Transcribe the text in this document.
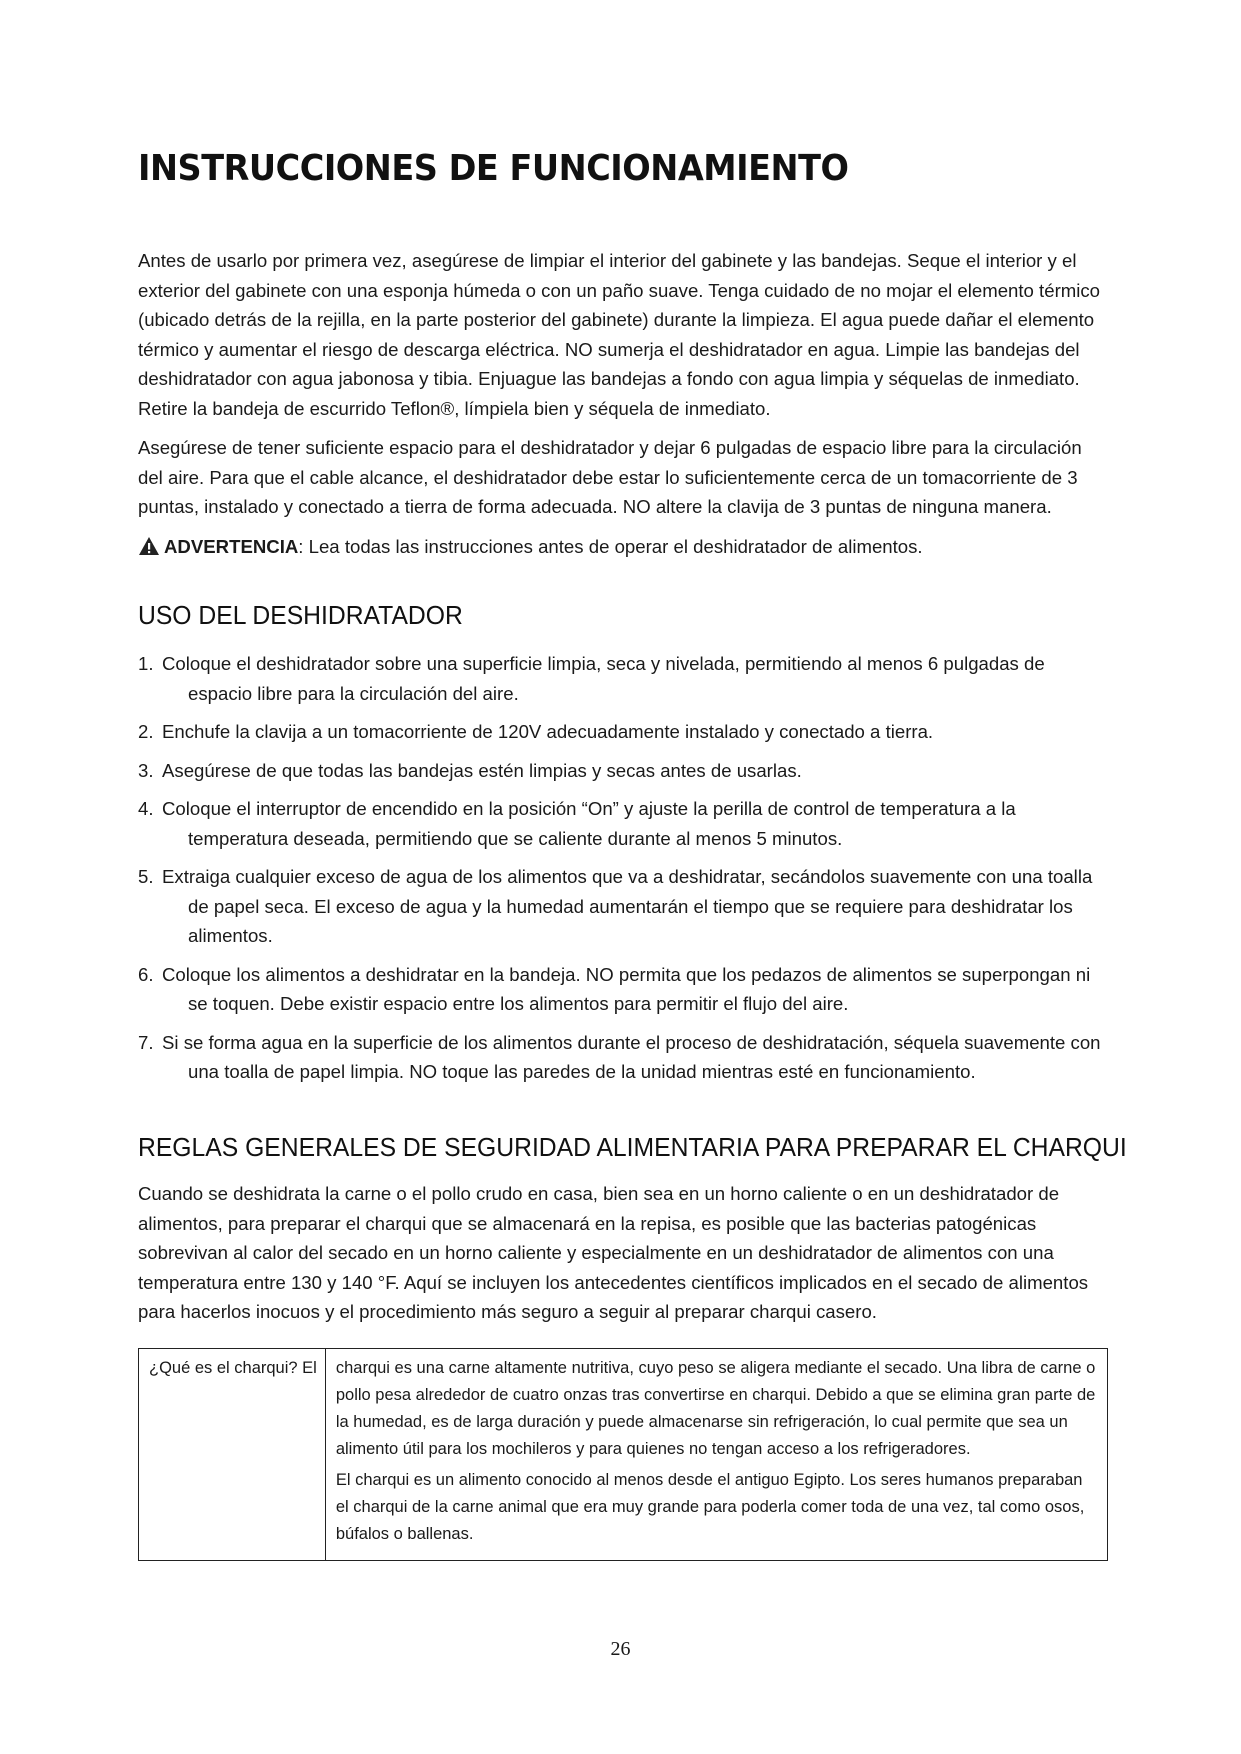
INSTRUCCIONES DE FUNCIONAMIENTO

Antes de usarlo por primera vez, asegúrese de limpiar el interior del gabinete y las bandejas. Seque el interior y el exterior del gabinete con una esponja húmeda o con un paño suave. Tenga cuidado de no mojar el elemento térmico (ubicado detrás de la rejilla, en la parte posterior del gabinete) durante la limpieza. El agua puede dañar el elemento térmico y aumentar el riesgo de descarga eléctrica. NO sumerja el deshidratador en agua. Limpie las bandejas del deshidratador con agua jabonosa y tibia. Enjuague las bandejas a fondo con agua limpia y séquelas de inmediato. Retire la bandeja de escurrido Teflon®, límpiela bien y séquela de inmediato.

Asegúrese de tener suficiente espacio para el deshidratador y dejar 6 pulgadas de espacio libre para la circulación del aire. Para que el cable alcance, el deshidratador debe estar lo suficientemente cerca de un tomacorriente de 3 puntas, instalado y conectado a tierra de forma adecuada. NO altere la clavija de 3 puntas de ninguna manera.

ADVERTENCIA : Lea todas las instrucciones antes de operar el deshidratador de alimentos.
USO DEL DESHIDRATADOR
1. Coloque el deshidratador sobre una superficie limpia, seca y nivelada, permitiendo al menos 6 pulgadas de espacio libre para la circulación del aire.
2. Enchufe la clavija a un tomacorriente de 120V adecuadamente instalado y conectado a tierra.
3. Asegúrese de que todas las bandejas estén limpias y secas antes de usarlas.
4. Coloque el interruptor de encendido en la posición “On” y ajuste la perilla de control de temperatura a la temperatura deseada, permitiendo que se caliente durante al menos 5 minutos.
5. Extraiga cualquier exceso de agua de los alimentos que va a deshidratar, secándolos suavemente con una toalla de papel seca. El exceso de agua y la humedad aumentarán el tiempo que se requiere para deshidratar los alimentos.
6. Coloque los alimentos a deshidratar en la bandeja. NO permita que los pedazos de alimentos se superpongan ni se toquen. Debe existir espacio entre los alimentos para permitir el flujo del aire.
7. Si se forma agua en la superficie de los alimentos durante el proceso de deshidratación, séquela suavemente con una toalla de papel limpia. NO toque las paredes de la unidad mientras esté en funcionamiento.
REGLAS GENERALES DE SEGURIDAD ALIMENTARIA PARA PREPARAR EL CHARQUI

Cuando se deshidrata la carne o el pollo crudo en casa, bien sea en un horno caliente o en un deshidratador de alimentos, para preparar el charqui que se almacenará en la repisa, es posible que las bacterias patogénicas sobrevivan al calor del secado en un horno caliente y especialmente en un deshidratador de alimentos con una temperatura entre 130 y 140 °F. Aquí se incluyen los antecedentes científicos implicados en el secado de alimentos para hacerlos inocuos y el procedimiento más seguro a seguir al preparar charqui casero.

¿Qué es el charqui? El	charqui es una carne altamente nutritiva, cuyo peso se aligera mediante el secado. Una libra de carne o pollo pesa alrededor de cuatro onzas tras convertirse en charqui. Debido a que se elimina gran parte de la humedad, es de larga duración y puede almacenarse sin refrigeración, lo cual permite que sea un alimento útil para los mochileros y para quienes no tengan acceso a los refrigeradores.

El charqui es un alimento conocido al menos desde el antiguo Egipto. Los seres humanos preparaban el charqui de la carne animal que era muy grande para poderla comer toda de una vez, tal como osos, búfalos o ballenas.

26
